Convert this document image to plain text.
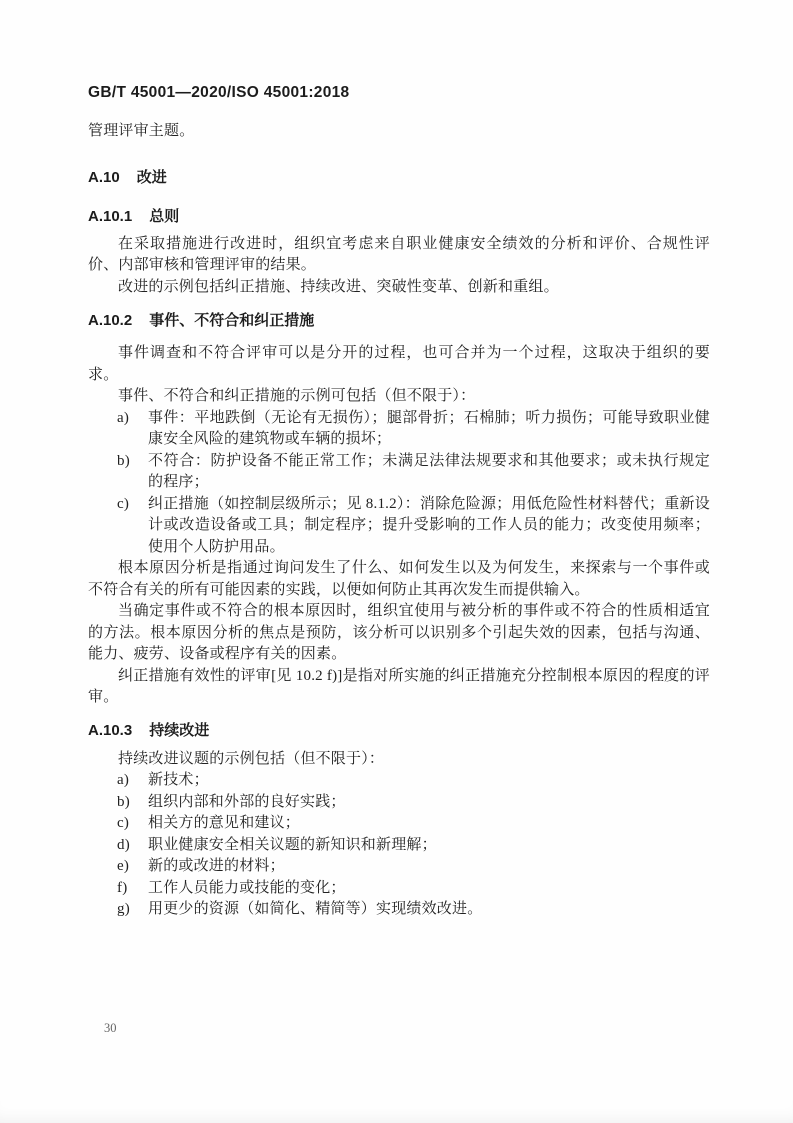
GB/T 45001—2020/ISO 45001:2018

管理评审主题。

A.10 改进
A.10.1 总则

在采取措施进行改进时，组织宜考虑来自职业健康安全绩效的分析和评价、合规性评价、内部审核和管理评审的结果。

改进的示例包括纠正措施、持续改进、突破性变革、创新和重组。

A.10.2 事件、不符合和纠正措施

事件调查和不符合评审可以是分开的过程，也可合并为一个过程，这取决于组织的要求。

事件、不符合和纠正措施的示例可包括（但不限于）：

a)	事件：平地跌倒（无论有无损伤）；腿部骨折；石棉肺；听力损伤；可能导致职业健康安全风险的建筑物或车辆的损坏；
b)	不符合：防护设备不能正常工作；未满足法律法规要求和其他要求；或未执行规定的程序；
c)	纠正措施（如控制层级所示；见 8.1.2）：消除危险源；用低危险性材料替代；重新设计或改造设备或工具；制定程序；提升受影响的工作人员的能力；改变使用频率；使用个人防护用品。

根本原因分析是指通过询问发生了什么、如何发生以及为何发生，来探索与一个事件或不符合有关的所有可能因素的实践，以便如何防止其再次发生而提供输入。

当确定事件或不符合的根本原因时，组织宜使用与被分析的事件或不符合的性质相适宜的方法。根本原因分析的焦点是预防，该分析可以识别多个引起失效的因素，包括与沟通、能力、疲劳、设备或程序有关的因素。

纠正措施有效性的评审[见 10.2 f)]是指对所实施的纠正措施充分控制根本原因的程度的评审。

A.10.3 持续改进

持续改进议题的示例包括（但不限于）：

a)	新技术；
b)	组织内部和外部的良好实践；
c)	相关方的意见和建议；
d)	职业健康安全相关议题的新知识和新理解；
e)	新的或改进的材料；
f)	工作人员能力或技能的变化；
g)	用更少的资源（如简化、精简等）实现绩效改进。
30
